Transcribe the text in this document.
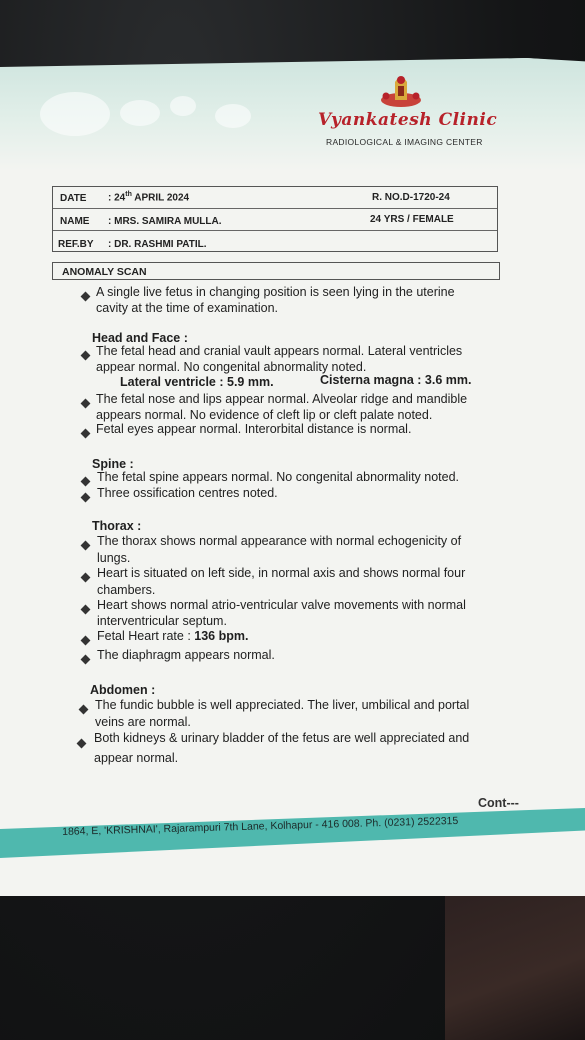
Vyankatesh Clinic
RADIOLOGICAL & IMAGING CENTER
DATE : 24th APRIL 2024	R. NO.D-1720-24
NAME : MRS. SAMIRA MULLA.	24 YRS / FEMALE
REF.BY : DR. RASHMI PATIL.
ANOMALY SCAN
A single live fetus in changing position is seen lying in the uterine
cavity at the time of examination.
Head and Face :
The fetal head and cranial vault appears normal. Lateral ventricles
appear normal. No congenital abnormality noted.
Lateral ventricle : 5.9 mm.	Cisterna magna : 3.6 mm.
The fetal nose and lips appear normal. Alveolar ridge and mandible
appears normal. No evidence of cleft lip or cleft palate noted.
Fetal eyes appear normal. Interorbital distance is normal.
Spine :
The fetal spine appears normal. No congenital abnormality noted.
Three ossification centres noted.
Thorax :
The thorax shows normal appearance with normal echogenicity of
lungs.
Heart is situated on left side, in normal axis and shows normal four
chambers.
Heart shows normal atrio-ventricular valve movements with normal
interventricular septum.
Fetal Heart rate : 136 bpm.
The diaphragm appears normal.
Abdomen :
The fundic bubble is well appreciated. The liver, umbilical and portal
veins are normal.
Both kidneys & urinary bladder of the fetus are well appreciated and
appear normal.
Cont---
1864, E, 'KRISHNAI', Rajarampuri 7th Lane, Kolhapur - 416 008. Ph. (0231) 2522315
